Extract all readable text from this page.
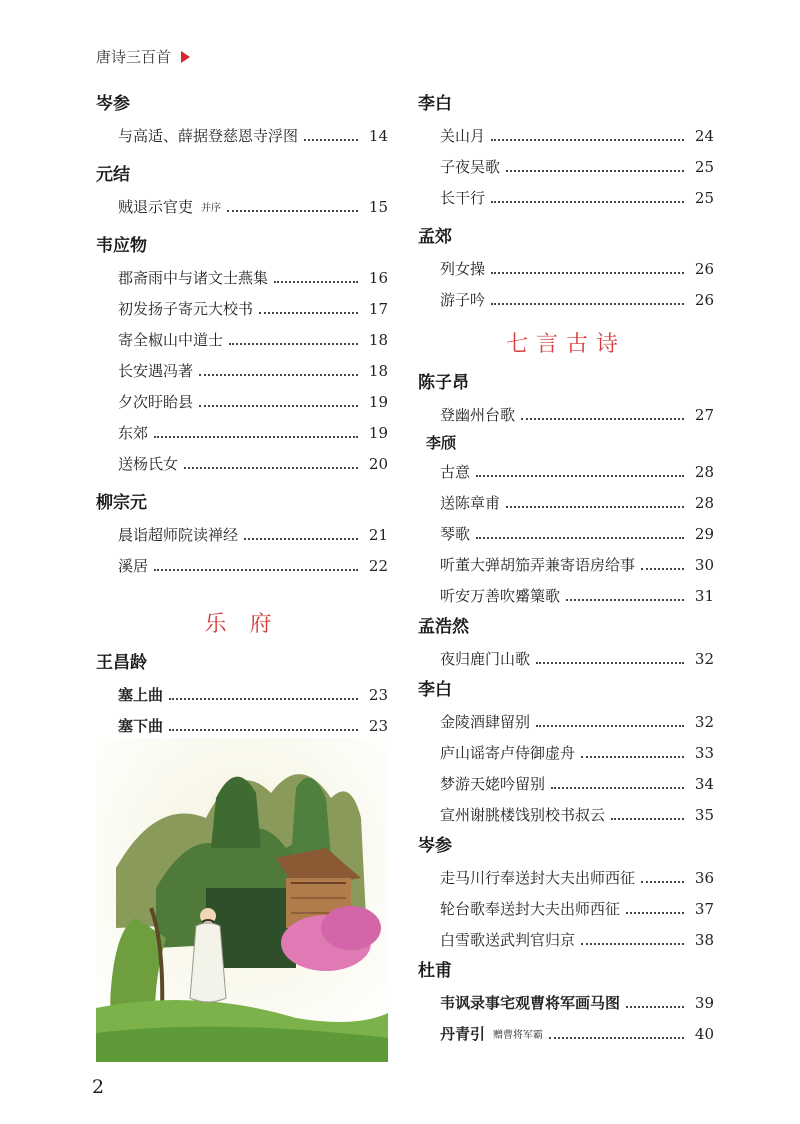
唐诗三百首
岑参
与高适、薛据登慈恩寺浮图	14
元结
贼退示官吏 并序	15
韦应物
郡斋雨中与诸文士燕集	16
初发扬子寄元大校书	17
寄全椒山中道士	18
长安遇冯著	18
夕次盱眙县	19
东郊	19
送杨氏女	20
柳宗元
晨诣超师院读禅经	21
溪居	22
乐 府
王昌龄
塞上曲	23
塞下曲	23
2
李白
关山月	24
子夜吴歌	25
长干行	25
孟郊
列女操	26
游子吟	26
七言古诗
陈子昂
登幽州台歌	27
李颀
古意	28
送陈章甫	28
琴歌	29
听董大弹胡笳弄兼寄语房给事	30
听安万善吹觱篥歌	31
孟浩然
夜归鹿门山歌	32
李白
金陵酒肆留别	32
庐山谣寄卢侍御虚舟	33
梦游天姥吟留别	34
宣州谢朓楼饯别校书叔云	35
岑参
走马川行奉送封大夫出师西征	36
轮台歌奉送封大夫出师西征	37
白雪歌送武判官归京	38
杜甫
韦讽录事宅观曹将军画马图	39
丹青引 赠曹将军霸	40
